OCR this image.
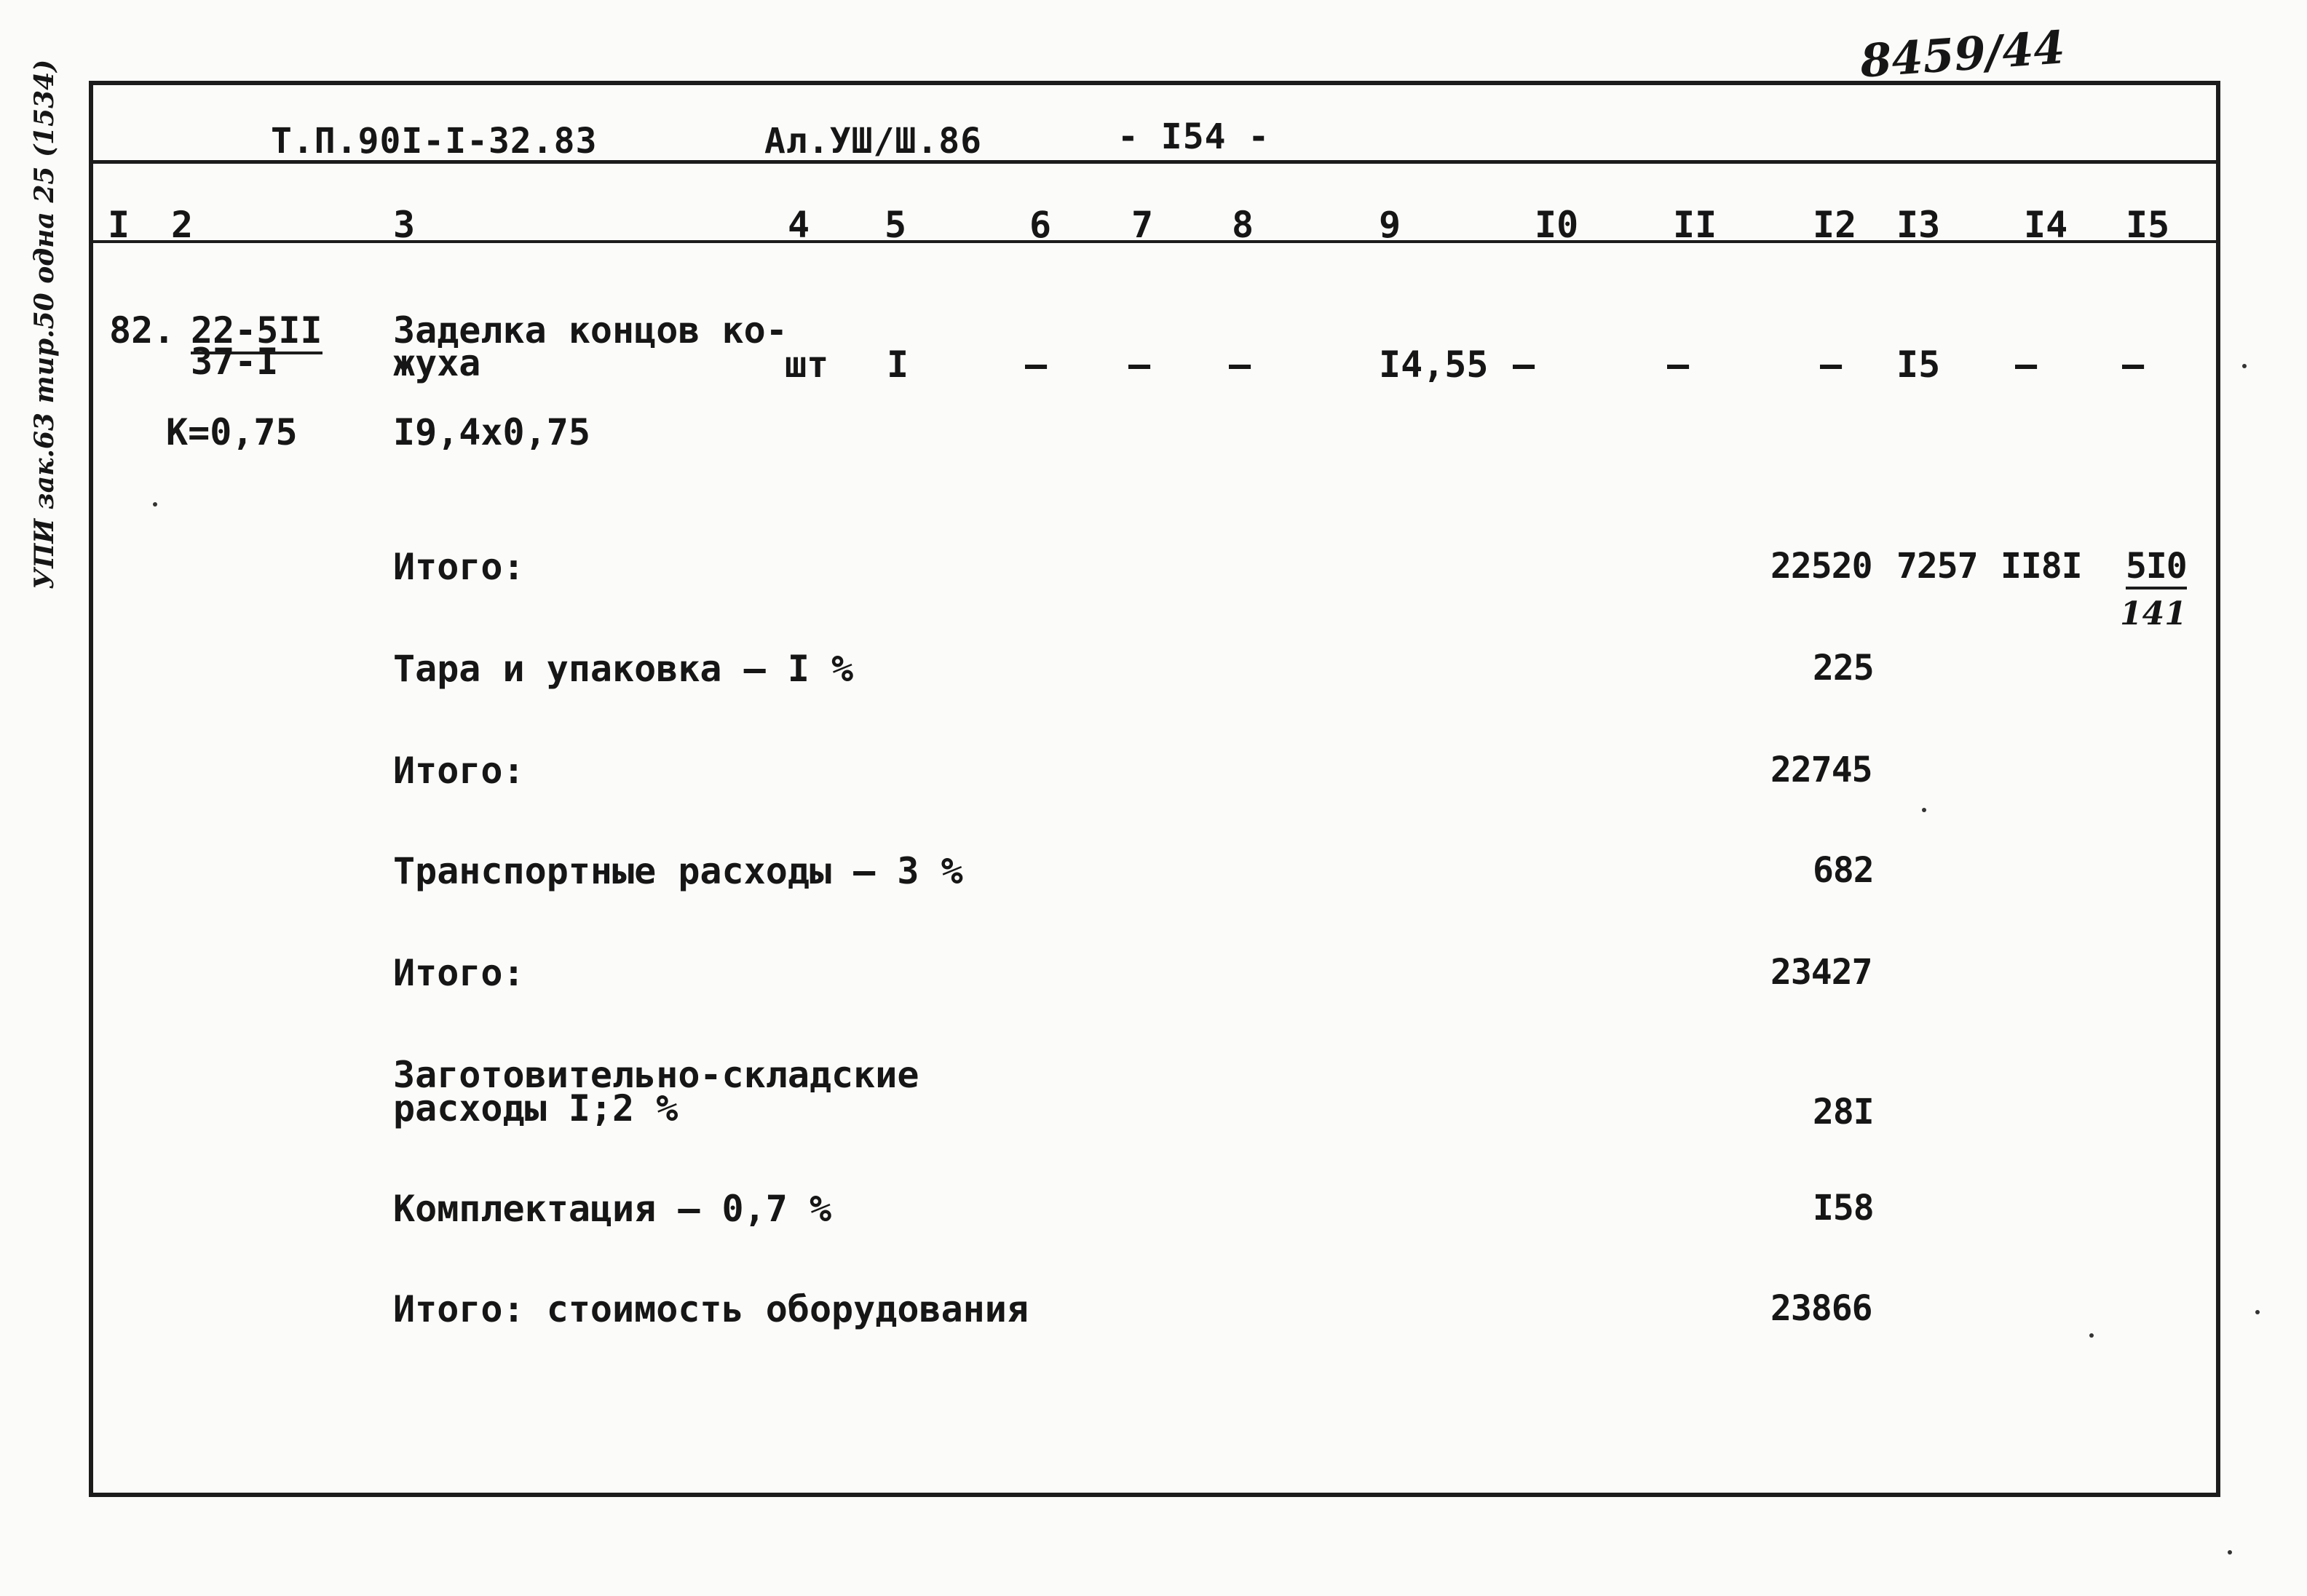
8459/44
УПИ зак.63 тир.50 одна 25 (1534)	Т.П.90I-I-32.83	Ал.УШ/Ш.86	- I54 -
I 2	3	4 5	6 7 8	9	I0	II	I2 I3 I4 I5
82. 22-5II
37-I
Заделка концов ко-
жуха	шт I	– – –	I4,55 –	–	– I5 – –
К=0,75	I9,4х0,75
Итого:	22520 7257 II8I 5I0
141
Тара и упаковка – I %	225
Итого:	22745
Транспортные расходы – 3 %	682
Итого:	23427
Заготовительно-складские
расходы I;2 %	28I
Комплектация – 0,7 %	I58
Итого: стоимость оборудования	23866
